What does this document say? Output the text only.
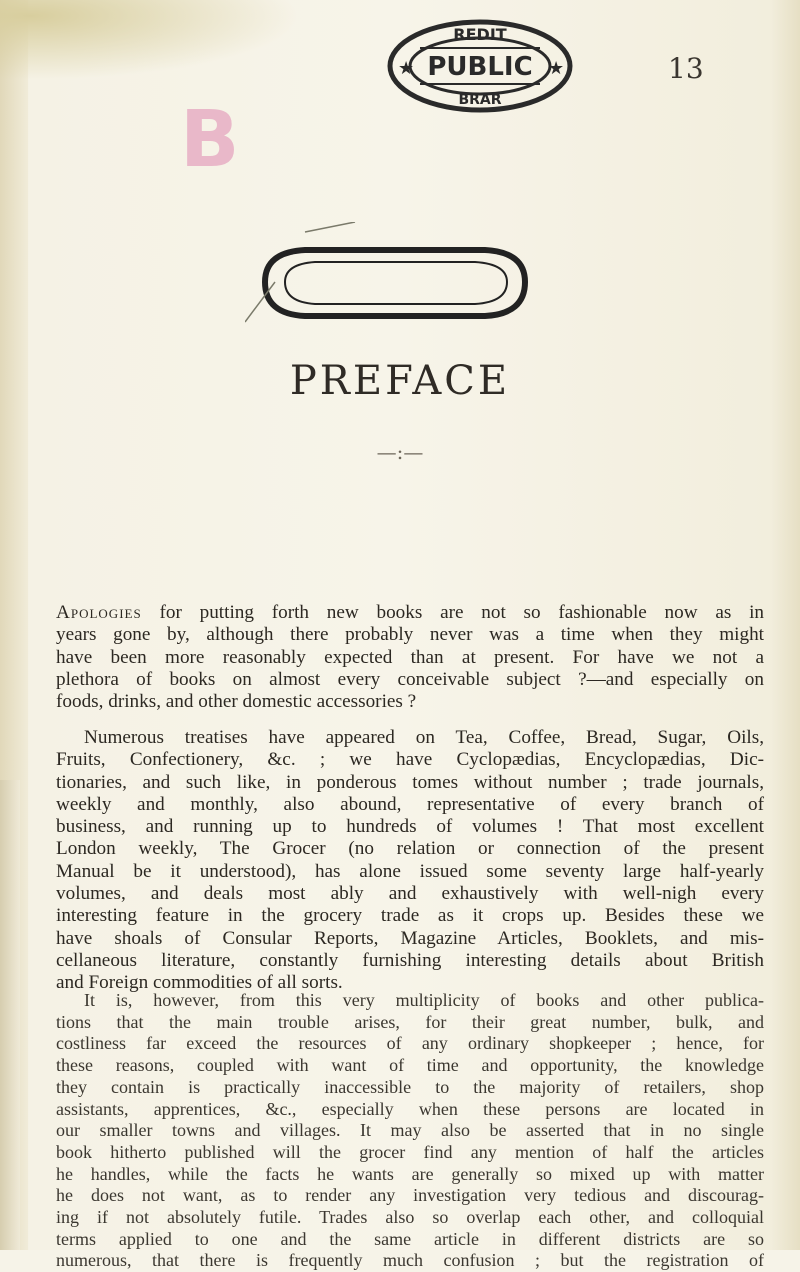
13
REDIT
PUBLIC
BRAR
★	★
B
PREFACE
—:—
Apologies for putting forth new books are not so fashionable now as in
years gone by, although there probably never was a time when they might
have been more reasonably expected than at present. For have we not a
plethora of books on almost every conceivable subject ?—and especially on
foods, drinks, and other domestic accessories ?
Numerous treatises have appeared on Tea, Coffee, Bread, Sugar, Oils,
Fruits, Confectionery, &c. ; we have Cyclopædias, Encyclopædias, Dic-
tionaries, and such like, in ponderous tomes without number ; trade journals,
weekly and monthly, also abound, representative of every branch of
business, and running up to hundreds of volumes ! That most excellent
London weekly, The Grocer (no relation or connection of the present
Manual be it understood), has alone issued some seventy large half-yearly
volumes, and deals most ably and exhaustively with well-nigh every
interesting feature in the grocery trade as it crops up. Besides these we
have shoals of Consular Reports, Magazine Articles, Booklets, and mis-
cellaneous literature, constantly furnishing interesting details about British
and Foreign commodities of all sorts.
It is, however, from this very multiplicity of books and other publica-
tions that the main trouble arises, for their great number, bulk, and
costliness far exceed the resources of any ordinary shopkeeper ; hence, for
these reasons, coupled with want of time and opportunity, the knowledge
they contain is practically inaccessible to the majority of retailers, shop
assistants, apprentices, &c., especially when these persons are located in
our smaller towns and villages. It may also be asserted that in no single
book hitherto published will the grocer find any mention of half the articles
he handles, while the facts he wants are generally so mixed up with matter
he does not want, as to render any investigation very tedious and discourag-
ing if not absolutely futile. Trades also so overlap each other, and colloquial
terms applied to one and the same article in different districts are so
numerous, that there is frequently much confusion ; but the registration of
